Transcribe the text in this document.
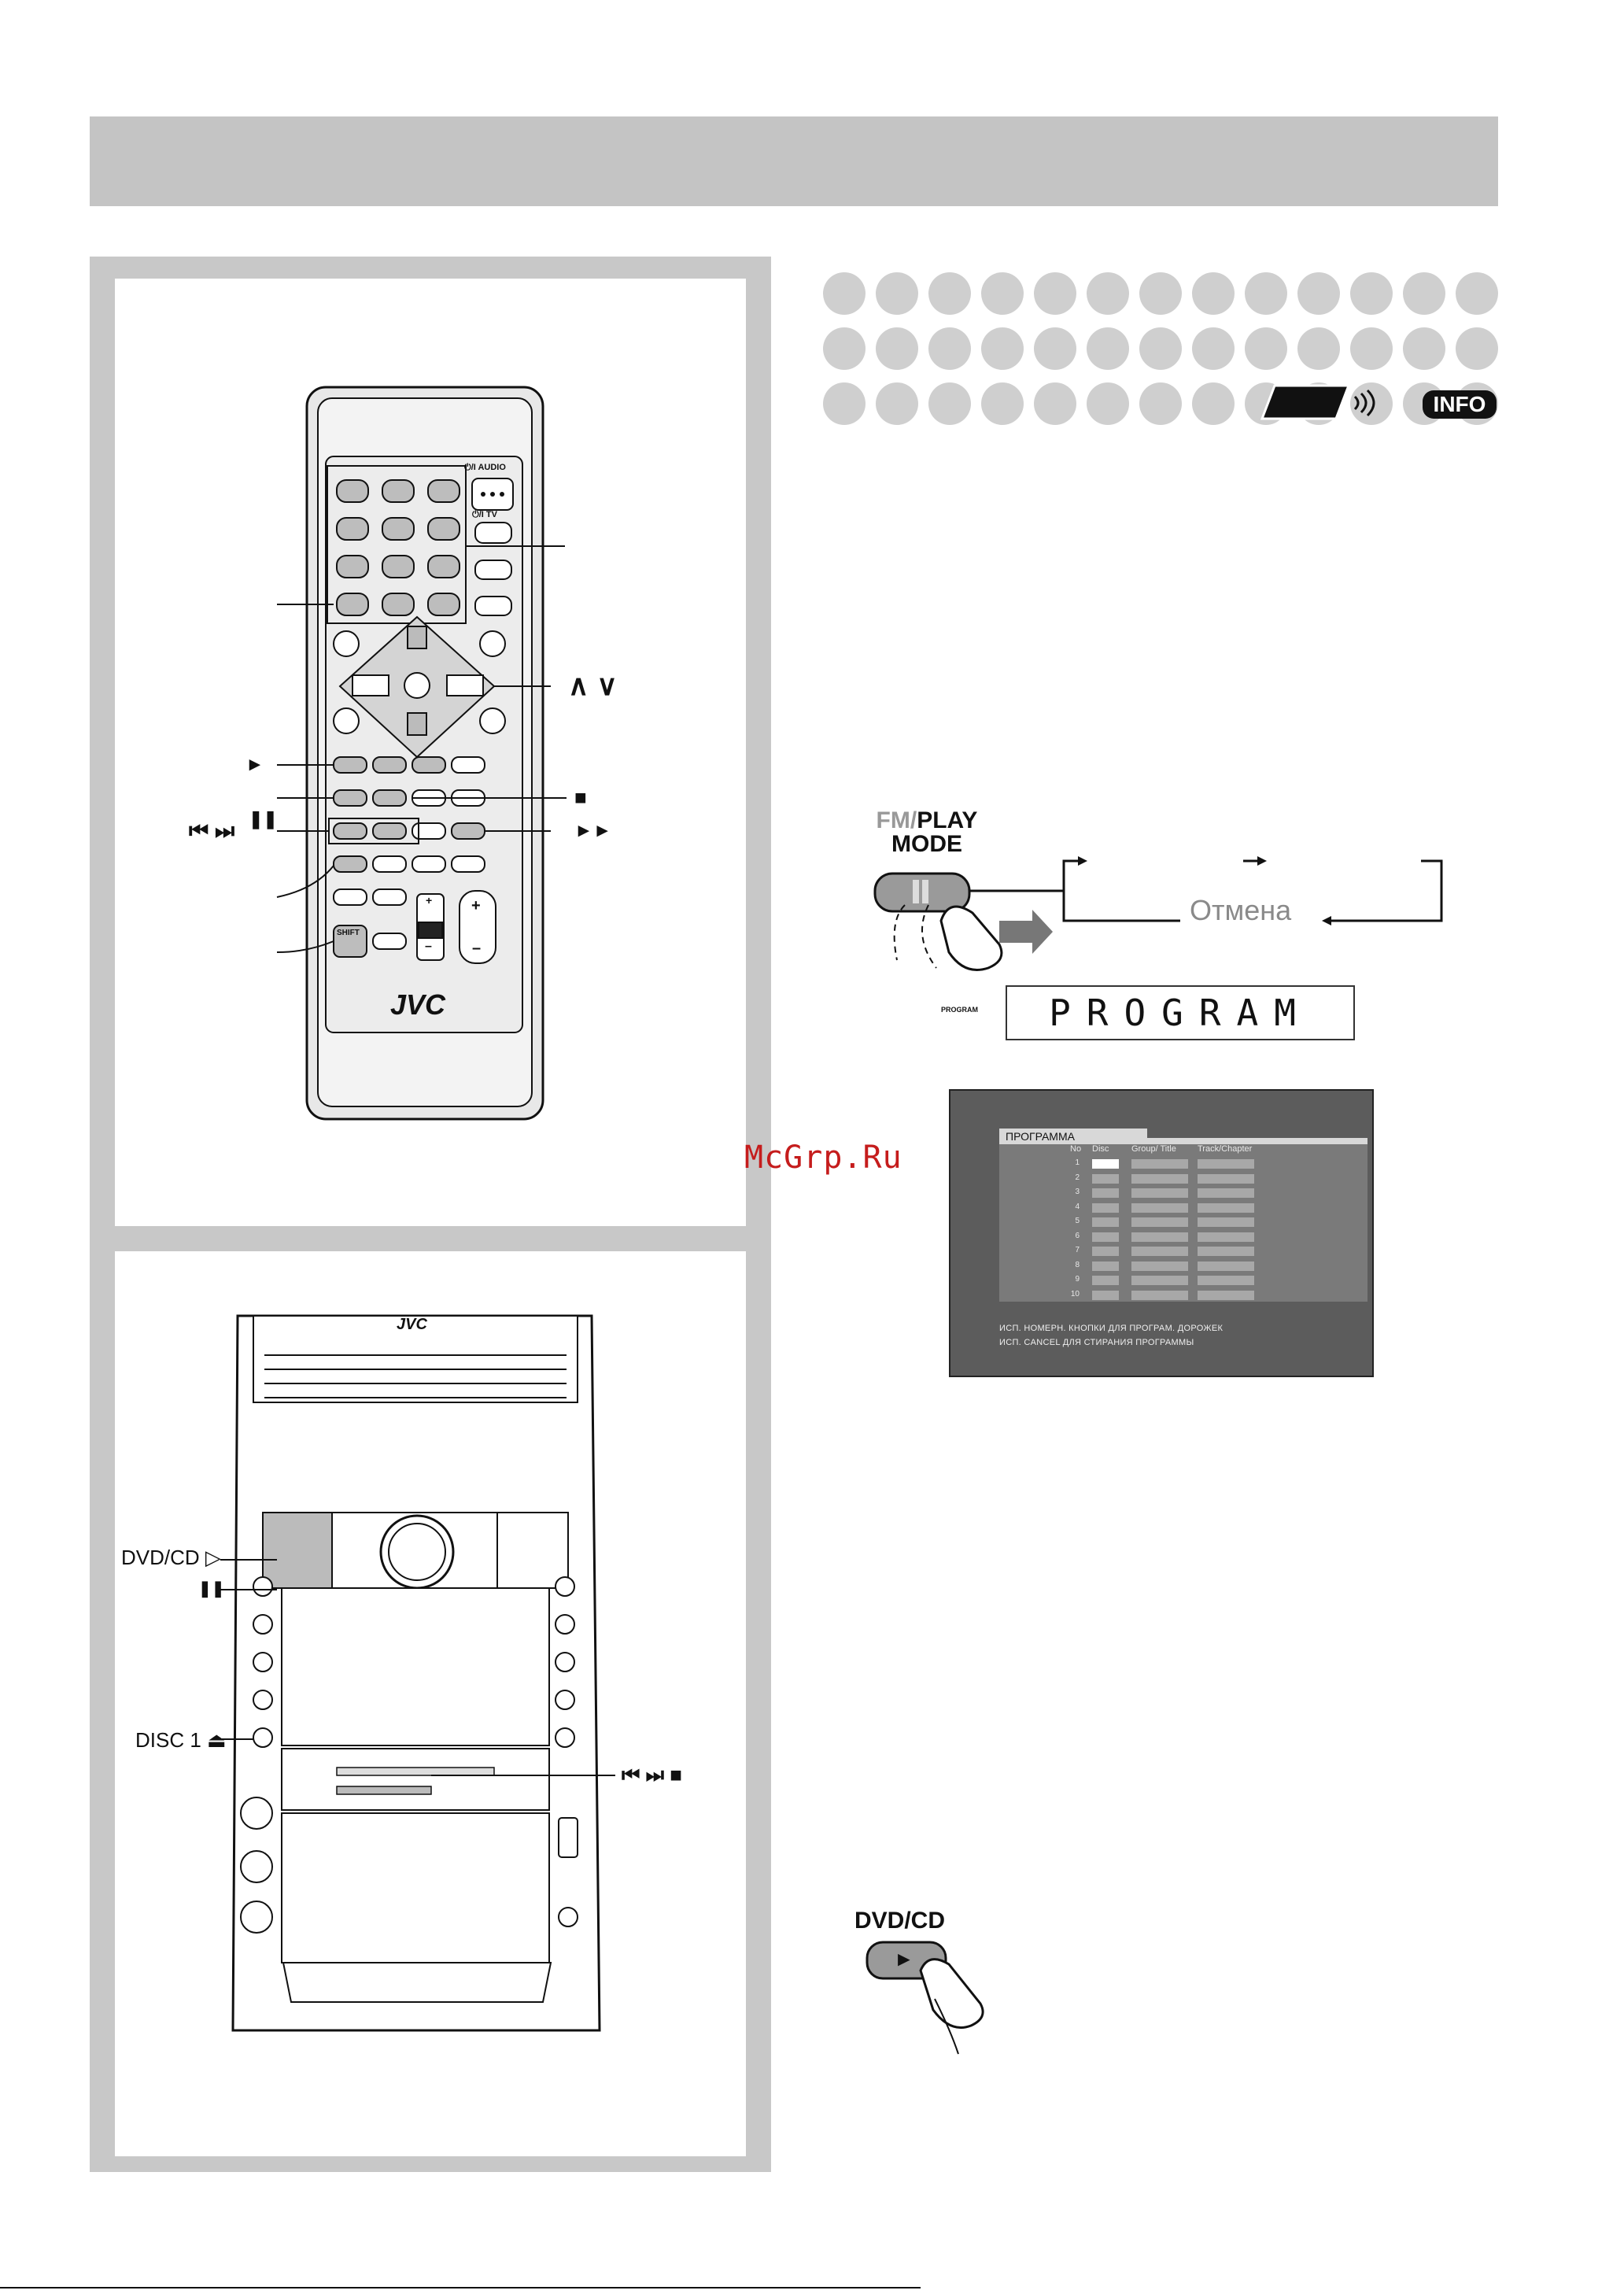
⏻/I AUDIO
⏻/I TV
SHIFT
+ +
–	–
JVC
∧ ∨
►
❚❚
⏮ ⏭
■
►►
JVC
DVD/CD ▷
❚❚
DISC 1 ⏏
⏮ ⏭ ■
INFO
FM/PLAY
MODE
Отмена
PROGRAM	PROGRAM
ПРОГРАММА
No Disc	Group/ Title Track/Chapter
1
2
3
4
5
6
7
8
9
10
ИСП. НОМЕРН. КНОПКИ ДЛЯ ПРОГРАМ. ДОРОЖЕК
ИСП. CANCEL ДЛЯ СТИРАНИЯ ПРОГРАММЫ
McGrp.Ru
DVD/CD
►
